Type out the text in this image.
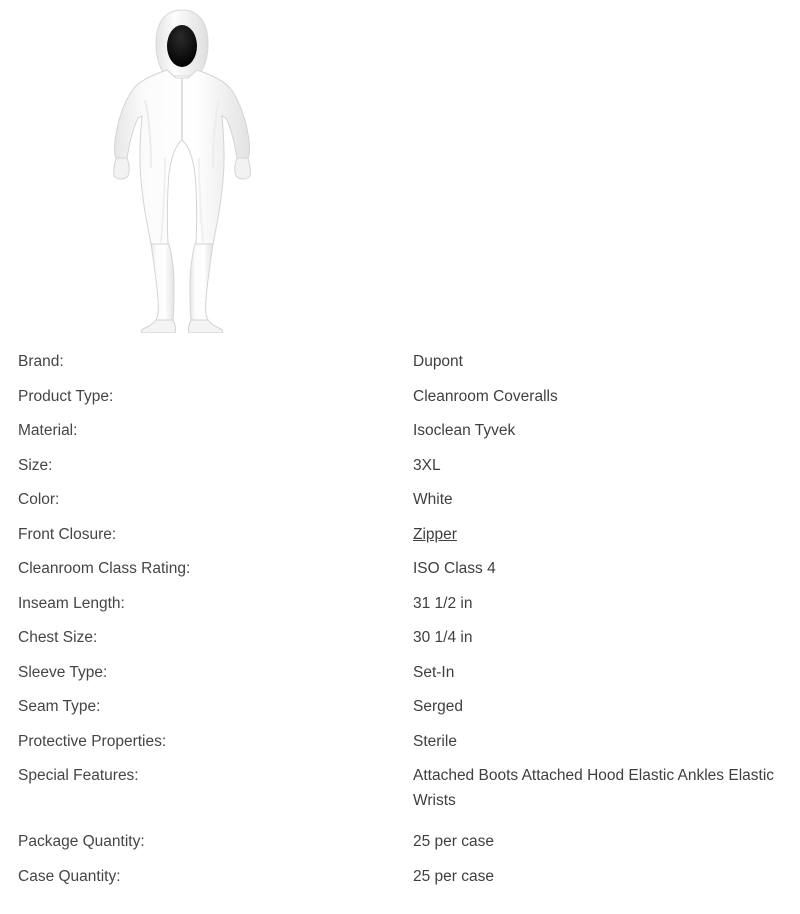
Brand:	Dupont
Product Type:	Cleanroom Coveralls
Material:	Isoclean Tyvek
Size:	3XL
Color:	White
Front Closure:	Zipper
Cleanroom Class Rating:	ISO Class 4
Inseam Length:	31 1/2 in
Chest Size:	30 1/4 in
Sleeve Type:	Set-In
Seam Type:	Serged
Protective Properties:	Sterile
Special Features:	Attached Boots Attached Hood Elastic Ankles Elastic Wrists
Package Quantity:	25 per case
Case Quantity:	25 per case
